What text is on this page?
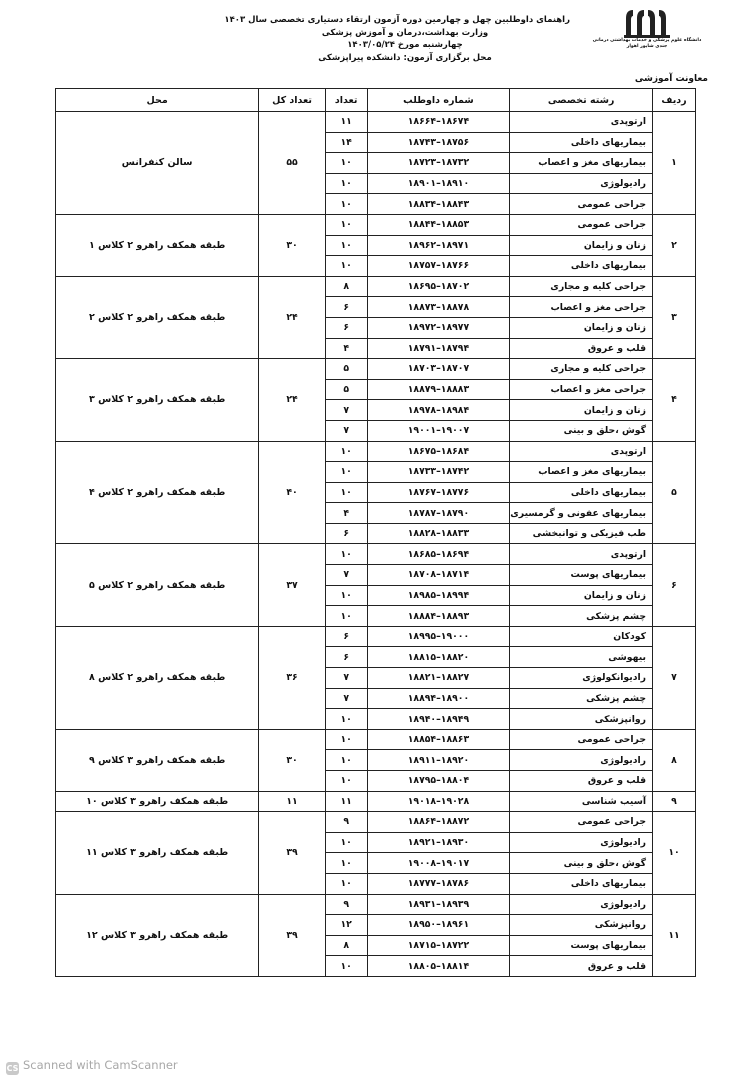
راهنمای داوطلبین چهل و چهارمین دوره آزمون ارتقاء دستیاری تخصصی سال ۱۴۰۳
وزارت بهداشت،درمان و آموزش پزشکی
چهارشنبه مورخ ۱۴۰۳/۰۵/۲۴
محل برگزاری آزمون: دانشکده پیراپزشکی
دانشگاه علوم پزشکی و خدمات بهداشتی درمانی
جندی شاپور اهواز
معاونت آموزشی
ردیف	رشته تخصصی	شماره داوطلب	تعداد	تعداد کل	محل
۱	ارتوپدی	۱۸۶۷۴–۱۸۶۶۴	۱۱	۵۵	سالن کنفرانس
	بیماریهای داخلی	۱۸۷۵۶–۱۸۷۴۳	۱۴		
	بیماریهای مغز و اعصاب	۱۸۷۳۲–۱۸۷۲۳	۱۰		
	رادیولوژی	۱۸۹۱۰–۱۸۹۰۱	۱۰		
	جراحی عمومی	۱۸۸۴۳–۱۸۸۳۴	۱۰		
۲	جراحی عمومی	۱۸۸۵۳–۱۸۸۴۴	۱۰	۳۰	طبقه همکف راهرو ۲ کلاس ۱
	زنان و زایمان	۱۸۹۷۱–۱۸۹۶۲	۱۰		
	بیماریهای داخلی	۱۸۷۶۶–۱۸۷۵۷	۱۰		
۳	جراحی کلیه و مجاری	۱۸۷۰۲–۱۸۶۹۵	۸	۲۴	طبقه همکف راهرو ۲ کلاس ۲
	جراحی مغز و اعصاب	۱۸۸۷۸–۱۸۸۷۳	۶		
	زنان و زایمان	۱۸۹۷۷–۱۸۹۷۲	۶		
	قلب و عروق	۱۸۷۹۴–۱۸۷۹۱	۴		
۴	جراحی کلیه و مجاری	۱۸۷۰۷–۱۸۷۰۳	۵	۲۴	طبقه همکف راهرو ۲ کلاس ۳
	جراحی مغز و اعصاب	۱۸۸۸۳–۱۸۸۷۹	۵		
	زنان و زایمان	۱۸۹۸۴–۱۸۹۷۸	۷		
	گوش ،حلق و بینی	۱۹۰۰۷–۱۹۰۰۱	۷		
۵	ارتوپدی	۱۸۶۸۴–۱۸۶۷۵	۱۰	۴۰	طبقه همکف راهرو ۲ کلاس ۴
	بیماریهای مغز و اعصاب	۱۸۷۴۲–۱۸۷۳۳	۱۰		
	بیماریهای داخلی	۱۸۷۷۶–۱۸۷۶۷	۱۰		
	بیماریهای عفونی و گرمسیری	۱۸۷۹۰–۱۸۷۸۷	۴		
	طب فیزیکی و توانبخشی	۱۸۸۳۳–۱۸۸۲۸	۶		
۶	ارتوپدی	۱۸۶۹۴–۱۸۶۸۵	۱۰	۳۷	طبقه همکف راهرو ۲ کلاس ۵
	بیماریهای پوست	۱۸۷۱۴–۱۸۷۰۸	۷		
	زنان و زایمان	۱۸۹۹۴–۱۸۹۸۵	۱۰		
	چشم پزشکی	۱۸۸۹۳–۱۸۸۸۴	۱۰		
۷	کودکان	۱۹۰۰۰–۱۸۹۹۵	۶	۳۶	طبقه همکف راهرو ۲ کلاس ۸
	بیهوشی	۱۸۸۲۰–۱۸۸۱۵	۶		
	رادیوانکولوژی	۱۸۸۲۷–۱۸۸۲۱	۷		
	چشم پزشکی	۱۸۹۰۰–۱۸۸۹۴	۷		
	روانپزشکی	۱۸۹۴۹–۱۸۹۴۰	۱۰		
۸	جراحی عمومی	۱۸۸۶۳–۱۸۸۵۴	۱۰	۳۰	طبقه همکف راهرو ۳ کلاس ۹
	رادیولوژی	۱۸۹۲۰–۱۸۹۱۱	۱۰		
	قلب و عروق	۱۸۸۰۴–۱۸۷۹۵	۱۰		
۹	آسیب شناسی	۱۹۰۲۸–۱۹۰۱۸	۱۱	۱۱	طبقه همکف راهرو ۳ کلاس ۱۰
۱۰	جراحی عمومی	۱۸۸۷۲–۱۸۸۶۴	۹	۳۹	طبقه همکف راهرو ۳ کلاس ۱۱
	رادیولوژی	۱۸۹۳۰–۱۸۹۲۱	۱۰		
	گوش ،حلق و بینی	۱۹۰۱۷–۱۹۰۰۸	۱۰		
	بیماریهای داخلی	۱۸۷۸۶–۱۸۷۷۷	۱۰		
۱۱	رادیولوژی	۱۸۹۳۹–۱۸۹۳۱	۹	۳۹	طبقه همکف راهرو ۳ کلاس ۱۲
	روانپزشکی	۱۸۹۶۱–۱۸۹۵۰	۱۲		
	بیماریهای پوست	۱۸۷۲۲–۱۸۷۱۵	۸		
	قلب و عروق	۱۸۸۱۴–۱۸۸۰۵	۱۰		
CS Scanned with CamScanner
